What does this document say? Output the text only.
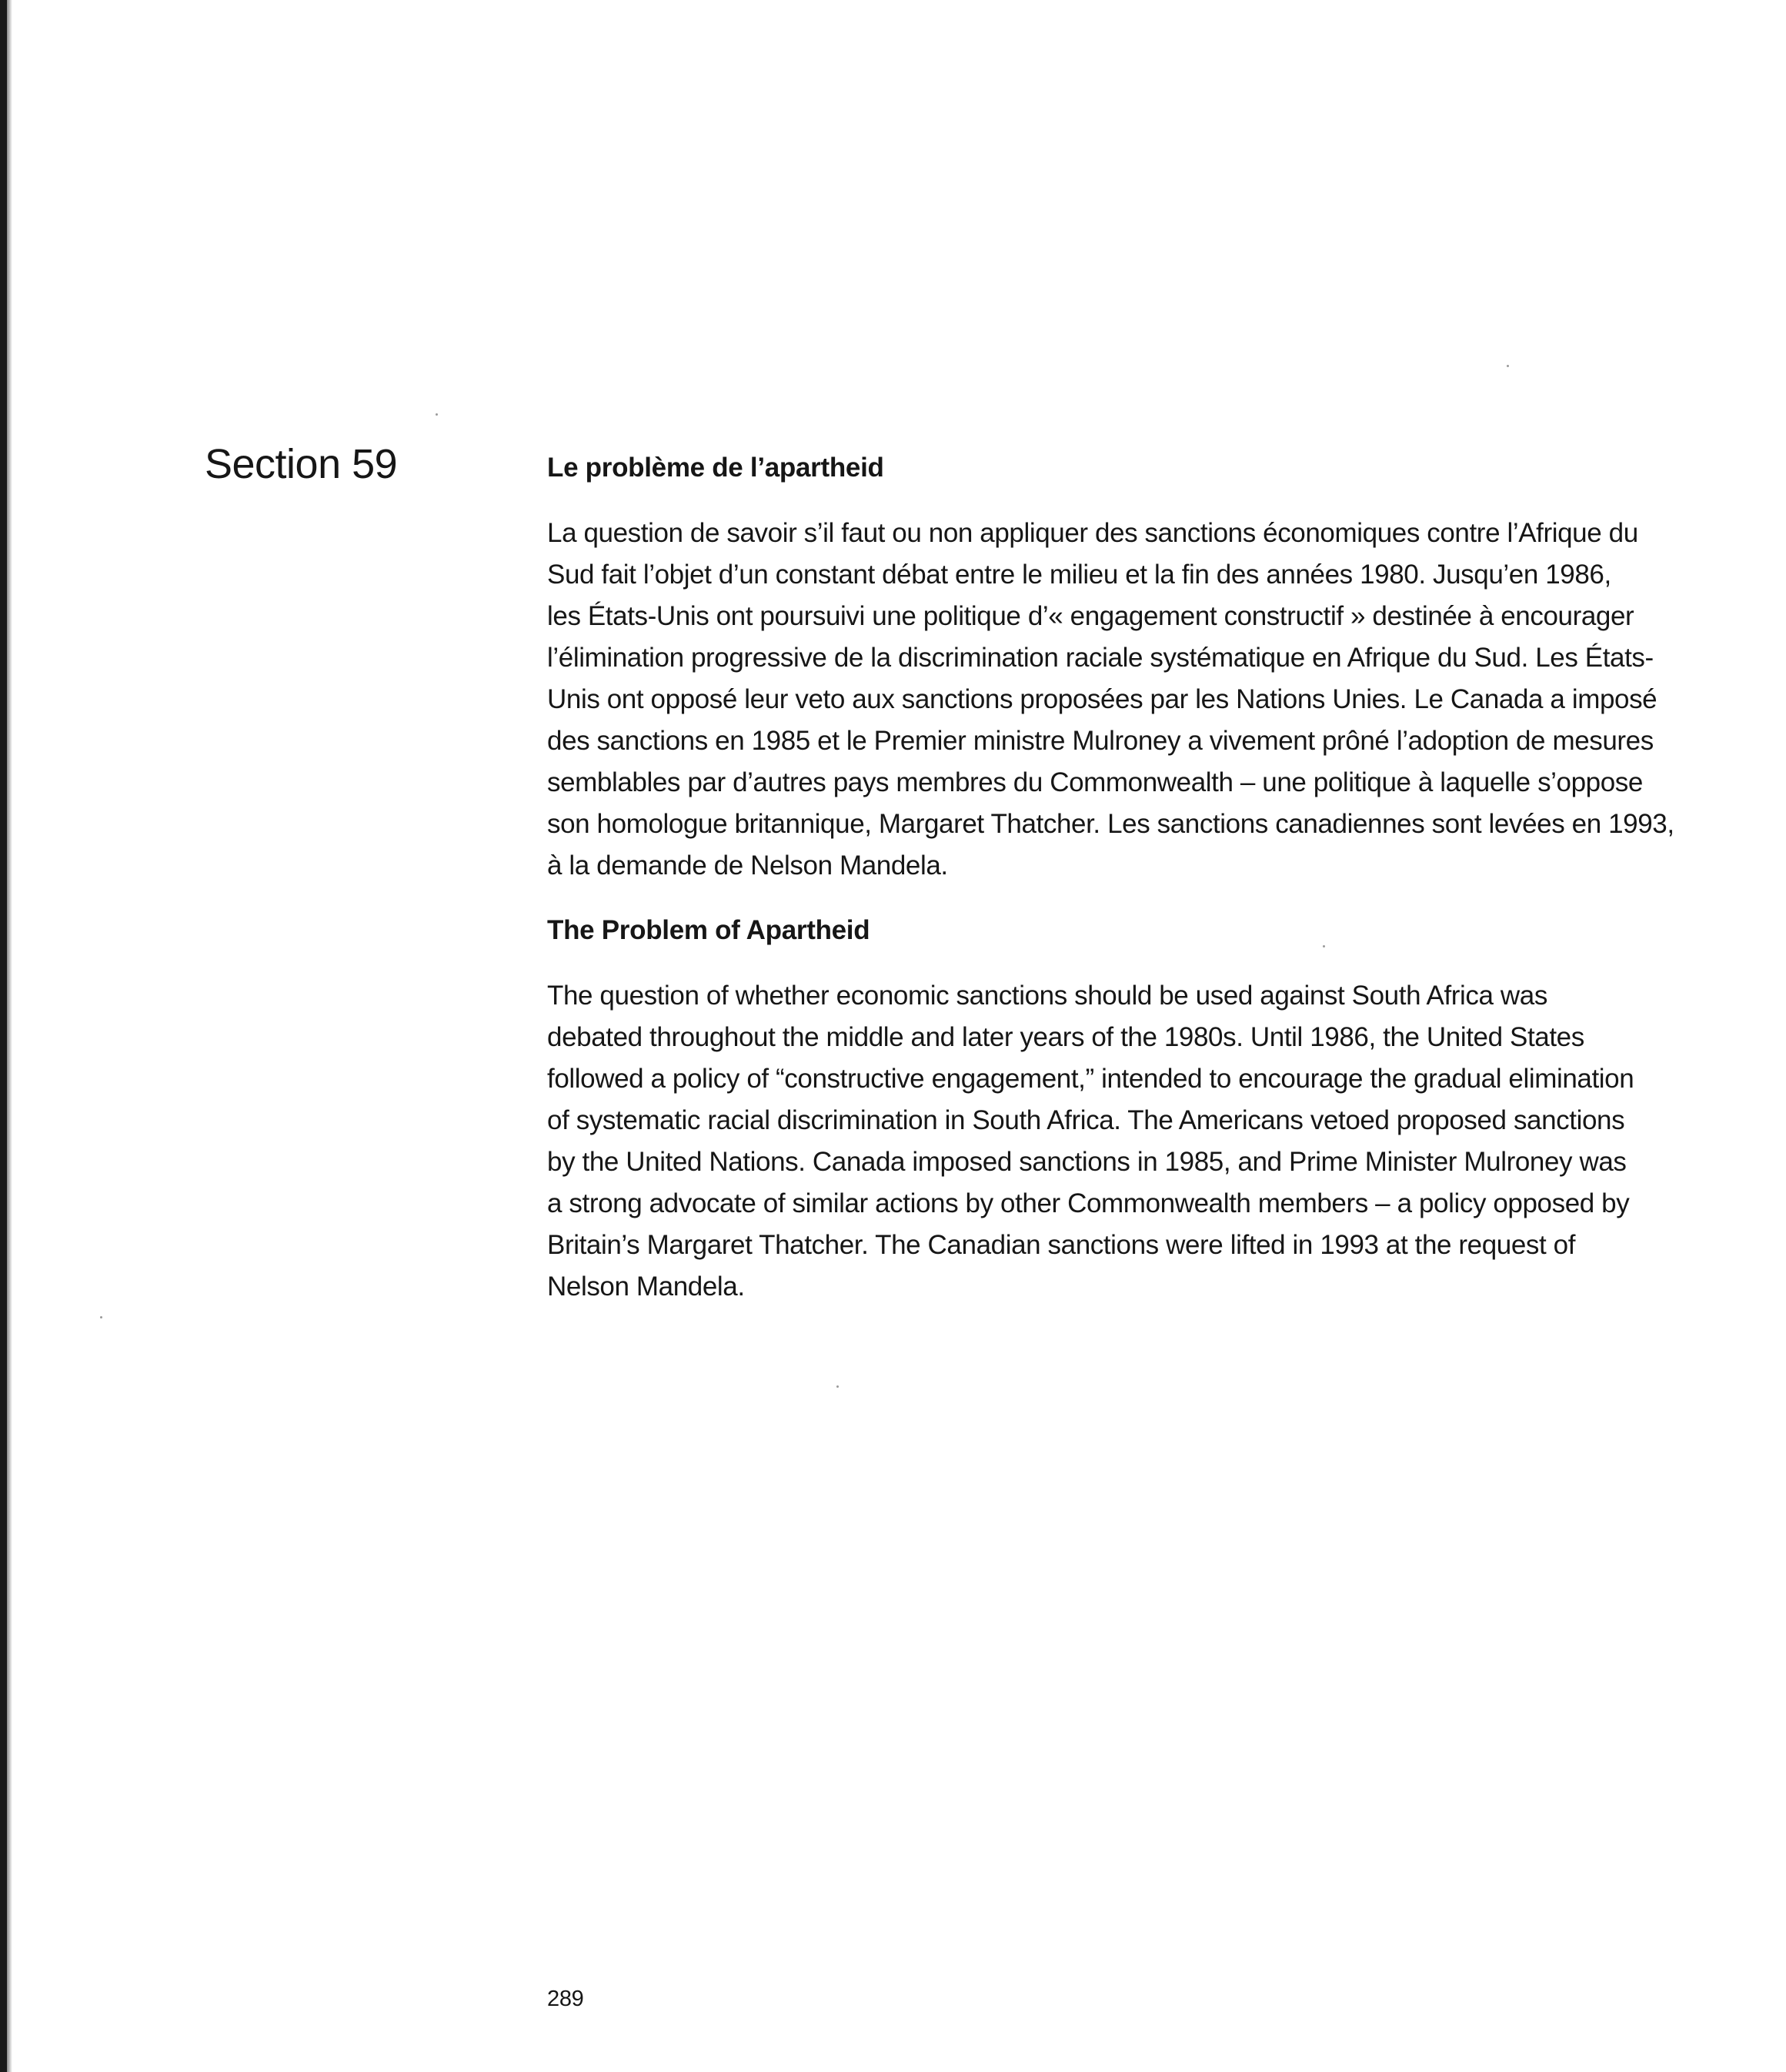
Section 59	Le problème de l’apartheid
La question de savoir s’il faut ou non appliquer des sanctions économiques contre l’Afrique du
Sud fait l’objet d’un constant débat entre le milieu et la fin des années 1980. Jusqu’en 1986,
les États-Unis ont poursuivi une politique d’« engagement constructif » destinée à encourager
l’élimination progressive de la discrimination raciale systématique en Afrique du Sud. Les États-
Unis ont opposé leur veto aux sanctions proposées par les Nations Unies. Le Canada a imposé
des sanctions en 1985 et le Premier ministre Mulroney a vivement prôné l’adoption de mesures
semblables par d’autres pays membres du Commonwealth – une politique à laquelle s’oppose
son homologue britannique, Margaret Thatcher. Les sanctions canadiennes sont levées en 1993,
à la demande de Nelson Mandela.
The Problem of Apartheid
The question of whether economic sanctions should be used against South Africa was
debated throughout the middle and later years of the 1980s. Until 1986, the United States
followed a policy of “constructive engagement,” intended to encourage the gradual elimination
of systematic racial discrimination in South Africa. The Americans vetoed proposed sanctions
by the United Nations. Canada imposed sanctions in 1985, and Prime Minister Mulroney was
a strong advocate of similar actions by other Commonwealth members – a policy opposed by
Britain’s Margaret Thatcher. The Canadian sanctions were lifted in 1993 at the request of
Nelson Mandela.
289
